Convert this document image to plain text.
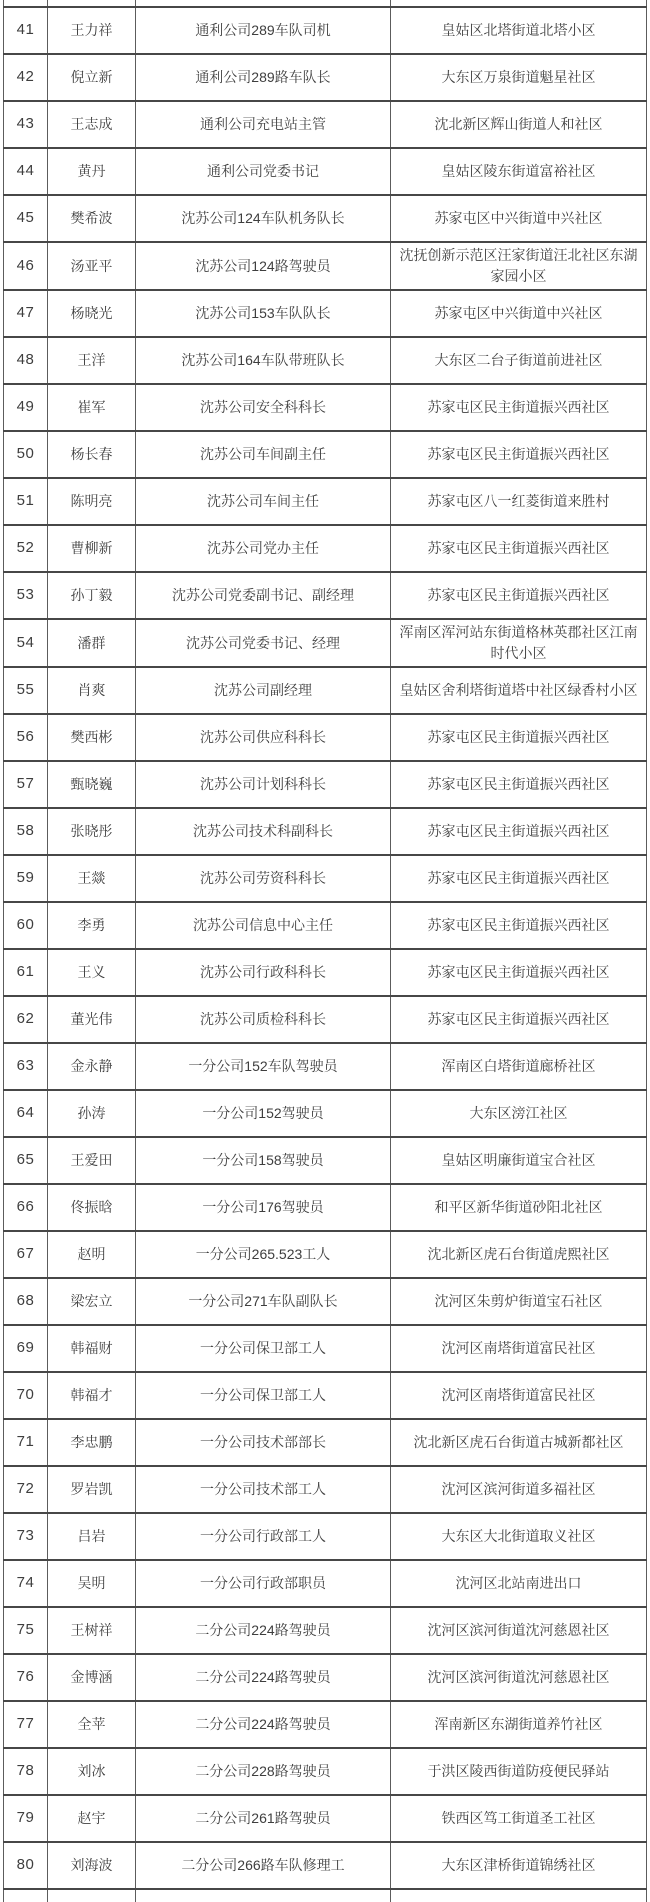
41	王力祥	通利公司289车队司机	皇姑区北塔街道北塔小区
42	倪立新	通利公司289路车队长	大东区万泉街道魁星社区
43	王志成	通利公司充电站主管	沈北新区辉山街道人和社区
44	黄丹	通利公司党委书记	皇姑区陵东街道富裕社区
45	樊希波	沈苏公司124车队机务队长	苏家屯区中兴街道中兴社区
46	汤亚平	沈苏公司124路驾驶员	沈抚创新示范区汪家街道汪北社区东湖家园小区
47	杨晓光	沈苏公司153车队队长	苏家屯区中兴街道中兴社区
48	王洋	沈苏公司164车队带班队长	大东区二台子街道前进社区
49	崔军	沈苏公司安全科科长	苏家屯区民主街道振兴西社区
50	杨长春	沈苏公司车间副主任	苏家屯区民主街道振兴西社区
51	陈明亮	沈苏公司车间主任	苏家屯区八一红菱街道来胜村
52	曹柳新	沈苏公司党办主任	苏家屯区民主街道振兴西社区
53	孙丁毅	沈苏公司党委副书记、副经理	苏家屯区民主街道振兴西社区
54	潘群	沈苏公司党委书记、经理	浑南区浑河站东街道格林英郡社区江南时代小区
55	肖爽	沈苏公司副经理	皇姑区舍利塔街道塔中社区绿香村小区
56	樊西彬	沈苏公司供应科科长	苏家屯区民主街道振兴西社区
57	甄晓巍	沈苏公司计划科科长	苏家屯区民主街道振兴西社区
58	张晓彤	沈苏公司技术科副科长	苏家屯区民主街道振兴西社区
59	王燚	沈苏公司劳资科科长	苏家屯区民主街道振兴西社区
60	李勇	沈苏公司信息中心主任	苏家屯区民主街道振兴西社区
61	王义	沈苏公司行政科科长	苏家屯区民主街道振兴西社区
62	董光伟	沈苏公司质检科科长	苏家屯区民主街道振兴西社区
63	金永静	一分公司152车队驾驶员	浑南区白塔街道廊桥社区
64	孙涛	一分公司152驾驶员	大东区滂江社区
65	王爱田	一分公司158驾驶员	皇姑区明廉街道宝合社区
66	佟振晗	一分公司176驾驶员	和平区新华街道砂阳北社区
67	赵明	一分公司265.523工人	沈北新区虎石台街道虎熙社区
68	梁宏立	一分公司271车队副队长	沈河区朱剪炉街道宝石社区
69	韩福财	一分公司保卫部工人	沈河区南塔街道富民社区
70	韩福才	一分公司保卫部工人	沈河区南塔街道富民社区
71	李忠鹏	一分公司技术部部长	沈北新区虎石台街道古城新都社区
72	罗岩凯	一分公司技术部工人	沈河区滨河街道多福社区
73	吕岩	一分公司行政部工人	大东区大北街道取义社区
74	吴明	一分公司行政部职员	沈河区北站南进出口
75	王树祥	二分公司224路驾驶员	沈河区滨河街道沈河慈恩社区
76	金博涵	二分公司224路驾驶员	沈河区滨河街道沈河慈恩社区
77	全苹	二分公司224路驾驶员	浑南新区东湖街道养竹社区
78	刘冰	二分公司228路驾驶员	于洪区陵西街道防疫便民驿站
79	赵宇	二分公司261路驾驶员	铁西区笃工街道圣工社区
80	刘海波	二分公司266路车队修理工	大东区津桥街道锦绣社区
